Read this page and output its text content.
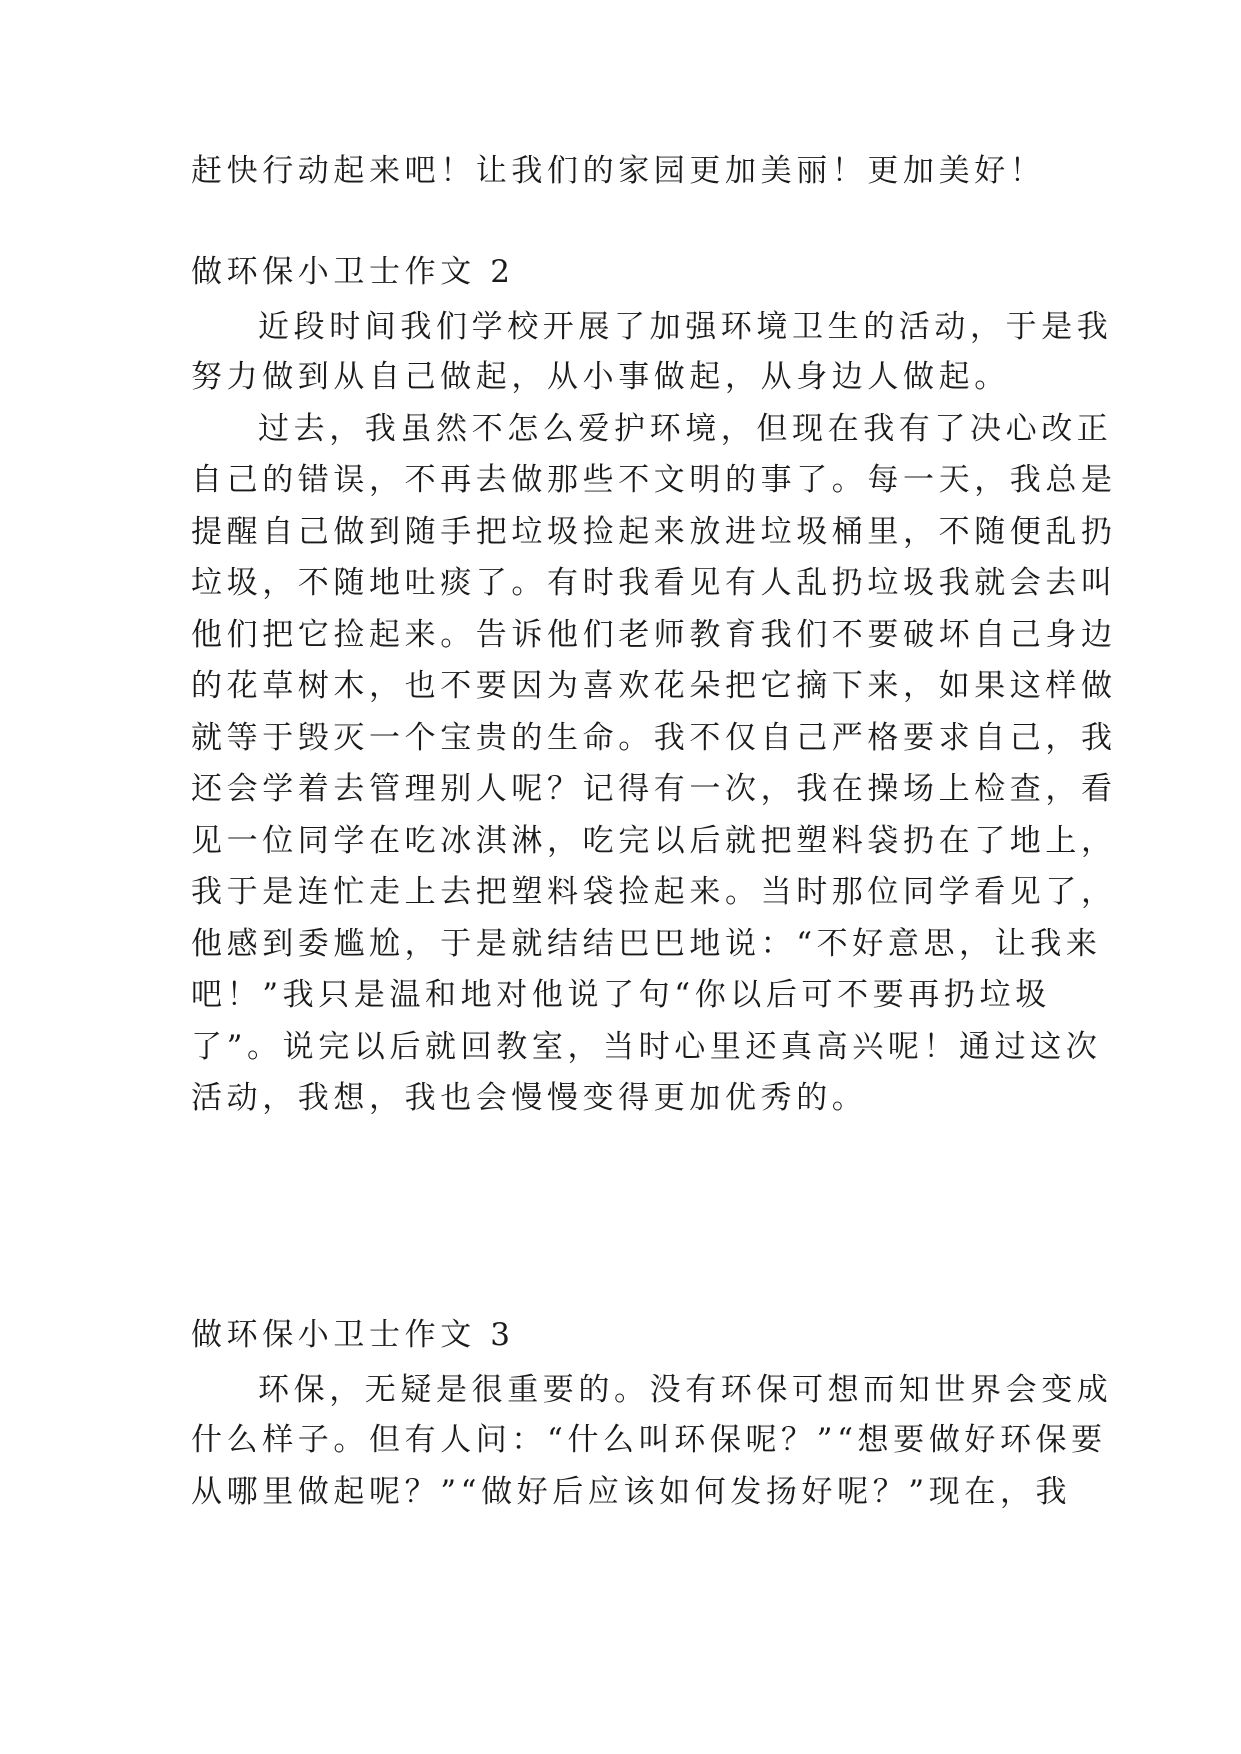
赶快行动起来吧！让我们的家园更加美丽！更加美好！
做环保小卫士作文 2
近段时间我们学校开展了加强环境卫生的活动，于是我
努力做到从自己做起，从小事做起，从身边人做起。
过去，我虽然不怎么爱护环境，但现在我有了决心改正
自己的错误，不再去做那些不文明的事了。每一天，我总是
提醒自己做到随手把垃圾捡起来放进垃圾桶里，不随便乱扔
垃圾，不随地吐痰了。有时我看见有人乱扔垃圾我就会去叫
他们把它捡起来。告诉他们老师教育我们不要破坏自己身边
的花草树木，也不要因为喜欢花朵把它摘下来，如果这样做
就等于毁灭一个宝贵的生命。我不仅自己严格要求自己，我
还会学着去管理别人呢？记得有一次，我在操场上检查，看
见一位同学在吃冰淇淋，吃完以后就把塑料袋扔在了地上，
我于是连忙走上去把塑料袋捡起来。当时那位同学看见了，
他感到委尴尬，于是就结结巴巴地说：“不好意思，让我来
吧！”我只是温和地对他说了句“你以后可不要再扔垃圾
了”。说完以后就回教室，当时心里还真高兴呢！通过这次
活动，我想，我也会慢慢变得更加优秀的。
做环保小卫士作文 3
环保，无疑是很重要的。没有环保可想而知世界会变成
什么样子。但有人问：“什么叫环保呢？”“想要做好环保要
从哪里做起呢？”“做好后应该如何发扬好呢？”现在，我
